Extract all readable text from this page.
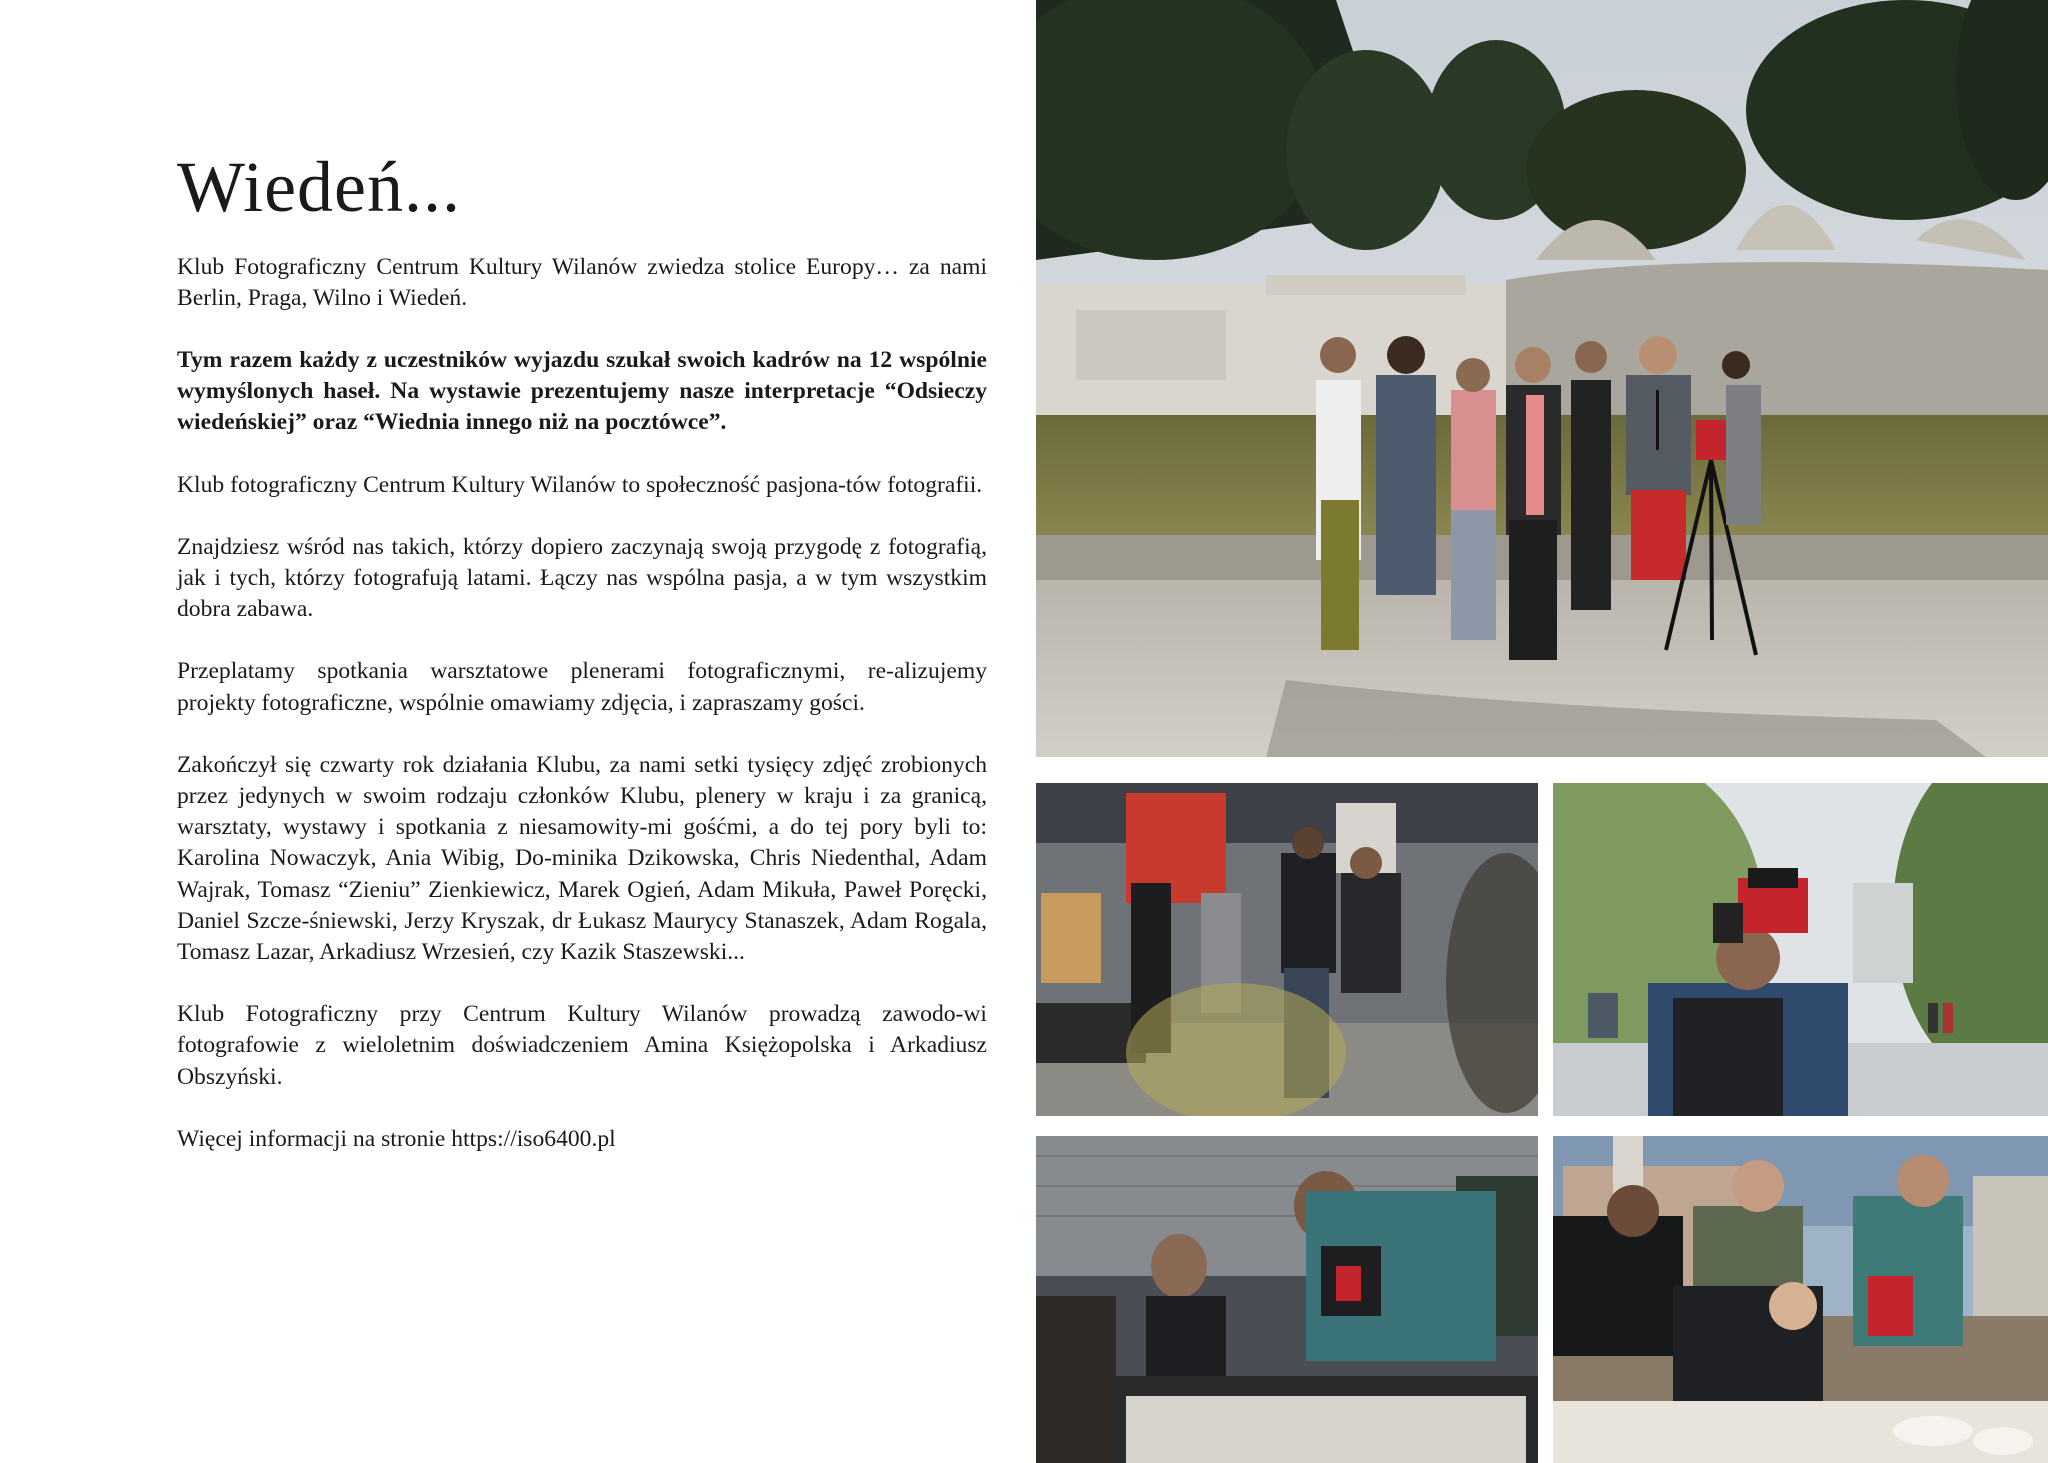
Wiedeń...

Klub Fotograficzny Centrum Kultury Wilanów zwiedza stolice Europy… za nami Berlin, Praga, Wilno i Wiedeń.

Tym razem każdy z uczestników wyjazdu szukał swoich kadrów na 12 wspólnie wymyślonych haseł. Na wystawie prezentujemy nasze interpretacje “Odsieczy wiedeńskiej” oraz “Wiednia innego niż na pocztówce”.

Klub fotograficzny Centrum Kultury Wilanów to społeczność pasjona-tów fotografii.

Znajdziesz wśród nas takich, którzy dopiero zaczynają swoją przygodę z fotografią, jak i tych, którzy fotografują latami. Łączy nas wspólna pasja, a w tym wszystkim dobra zabawa.

Przeplatamy spotkania warsztatowe plenerami fotograficznymi, re-alizujemy projekty fotograficzne, wspólnie omawiamy zdjęcia, i zapraszamy gości.

Zakończył się czwarty rok działania Klubu, za nami setki tysięcy zdjęć zrobionych przez jedynych w swoim rodzaju członków Klubu, plenery w kraju i za granicą, warsztaty, wystawy i spotkania z niesamowity-mi gośćmi, a do tej pory byli to: Karolina Nowaczyk, Ania Wibig, Do-minika Dzikowska, Chris Niedenthal, Adam Wajrak, Tomasz “Zieniu” Zienkiewicz, Marek Ogień, Adam Mikuła, Paweł Poręcki, Daniel Szcze-śniewski, Jerzy Kryszak, dr Łukasz Maurycy Stanaszek, Adam Rogala, Tomasz Lazar, Arkadiusz Wrzesień, czy Kazik Staszewski...

Klub Fotograficzny przy Centrum Kultury Wilanów prowadzą zawodo-wi fotografowie z wieloletnim doświadczeniem Amina Księżopolska i Arkadiusz Obszyński.

Więcej informacji na stronie https://iso6400.pl
